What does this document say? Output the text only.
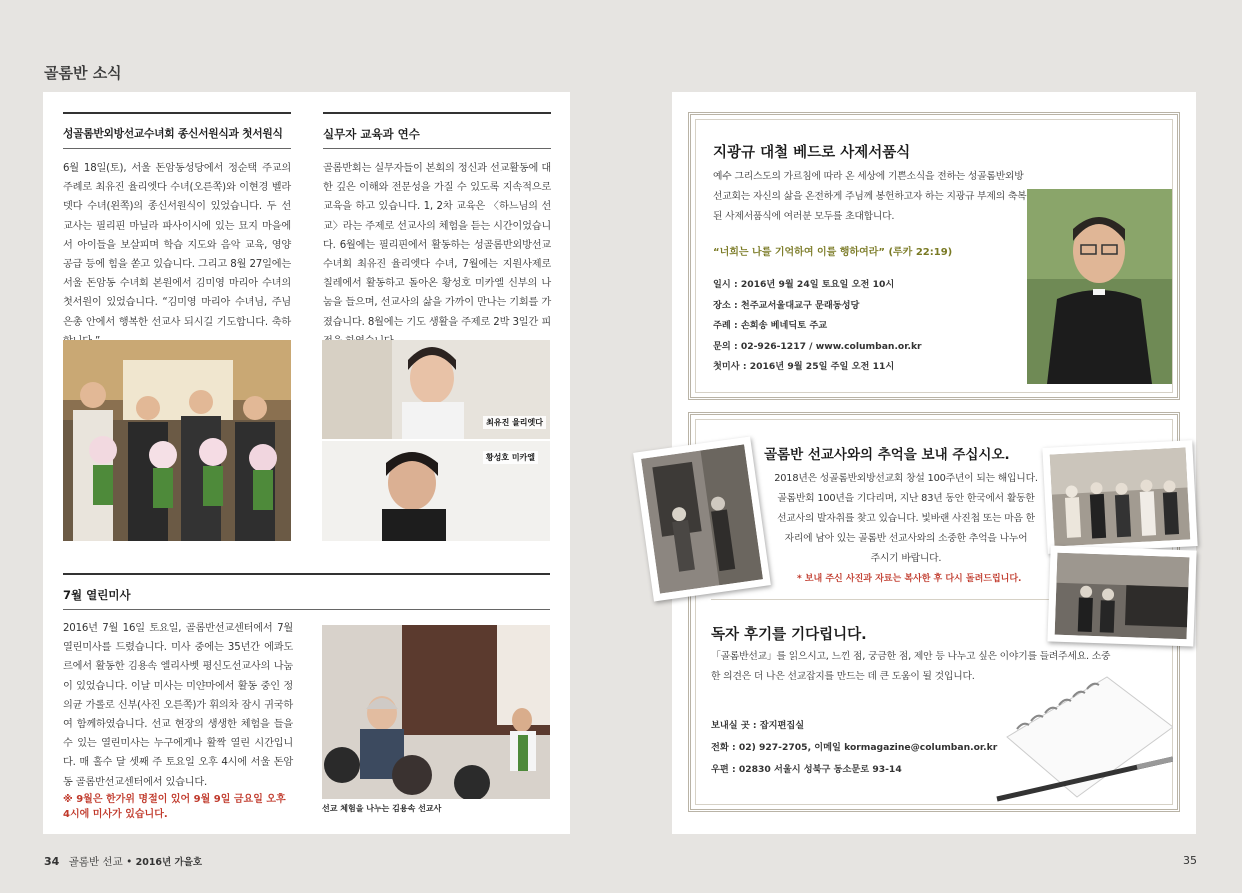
골롬반 소식
성골롬반외방선교수녀회 종신서원식과 첫서원식
6월 18일(토), 서울 돈암동성당에서 정순택 주교의 주례로 최유진 율리엣다 수녀(오른쪽)와 이현경 벨라뎃다 수녀(왼쪽)의 종신서원식이 있었습니다. 두 선교사는 필리핀 마닐라 파사이시에 있는 묘지 마을에서 아이들을 보살피며 학습 지도와 음악 교육, 영양 공급 등에 힘을 쏟고 있습니다. 그리고 8월 27일에는 서울 돈암동 수녀회 본원에서 김미영 마리아 수녀의 첫서원이 있었습니다. “김미영 마리아 수녀님, 주님 은총 안에서 행복한 선교사 되시길 기도합니다. 축하
실무자 교육과 연수
골롬반회는 실무자들이 본회의 정신과 선교활동에 대한 깊은 이해와 전문성을 가질 수 있도록 지속적으로 교육을 하고 있습니다. 1, 2차 교육은 〈하느님의 선교〉라는 주제로 선교사의 체험을 듣는 시간이었습니다. 6월에는 필리핀에서 활동하는 성골롬반외방선교수녀회 최유진 율리엣다 수녀, 7월에는 지원사제로 칠레에서 활동하고 돌아온 황성호 미카엘 신부의 나눔을 들으며, 선교사의 삶을 가까이 만나는 기회를 가졌습니다. 8월에는 기도 생활을 주제로 2박 3일간 피
최유진 율리엣다
황성호 미카엘
7월 열린미사
2016년 7월 16일 토요일, 골롬반선교센터에서 7월 열린미사를 드렸습니다. 미사 중에는 35년간 에콰도르에서 활동한 김용속 엘리사벳 평신도선교사의 나눔이 있었습니다. 이날 미사는 미얀마에서 활동 중인 정의균 가롤로 신부(사진 오른쪽)가 휘의차 잠시 귀국하여 함께하였습니다. 선교 현장의 생생한 체험을 들을 수 있는 열린미사는 누구에게나 활짝 열린 시간입니다. 매 홀수 달 셋째 주 토요일 오후 4시에 서울 돈암동 골롬반선교센터에서 있습니다.
※ 9월은 한가위 명절이 있어 9월 9일 금요일 오후 4시에 미사가 있습니다.
선교 체험을 나누는 김용속 선교사
지광규 대철 베드로 사제서품식
예수 그리스도의 가르침에 따라 온 세상에 기쁜소식을 전하는 성골롬반외방선교회는 자신의 삶을 온전하게 주님께 봉헌하고자 하는 지광규 부제의 축복된 사제서품식에 여러분 모두를 초대합니다.
“너희는 나를 기억하여 이를 행하여라” (루카 22:19)
일시 : 2016년 9월 24일 토요일 오전 10시
장소 : 천주교서울대교구 문래동성당
주례 : 손희송 베네딕토 주교
문의 : 02-926-1217 / www.columban.or.kr
첫미사 : 2016년 9월 25일 주일 오전 11시
골롬반 선교사와의 추억을 보내 주십시오.
2018년은 성골롬반외방선교회 창설 100주년이 되는 해입니다.
골롬반회 100년을 기다리며, 지난 83년 동안 한국에서 활동한
선교사의 발자취를 찾고 있습니다. 빛바랜 사진첩 또는 마음 한
자리에 남아 있는 골롬반 선교사와의 소중한 추억을 나누어
주시기 바랍니다.
* 보내 주신 사진과 자료는 복사한 후 다시 돌려드립니다.
독자 후기를 기다립니다.
「골롬반선교」를 읽으시고, 느낀 점, 궁금한 점, 제안 등 나누고 싶은 이야기를 들려주세요. 소중한 의견은 더 나은 선교잡지를 만드는 데 큰 도움이 될 것입니다.
보내실 곳 : 잡지편집실
전화 : 02) 927-2705, 이메일 kormagazine@columban.or.kr
우편 : 02830 서울시 성북구 동소문로 93-14
34 골롬반 선교 • 2016년 가을호	35
